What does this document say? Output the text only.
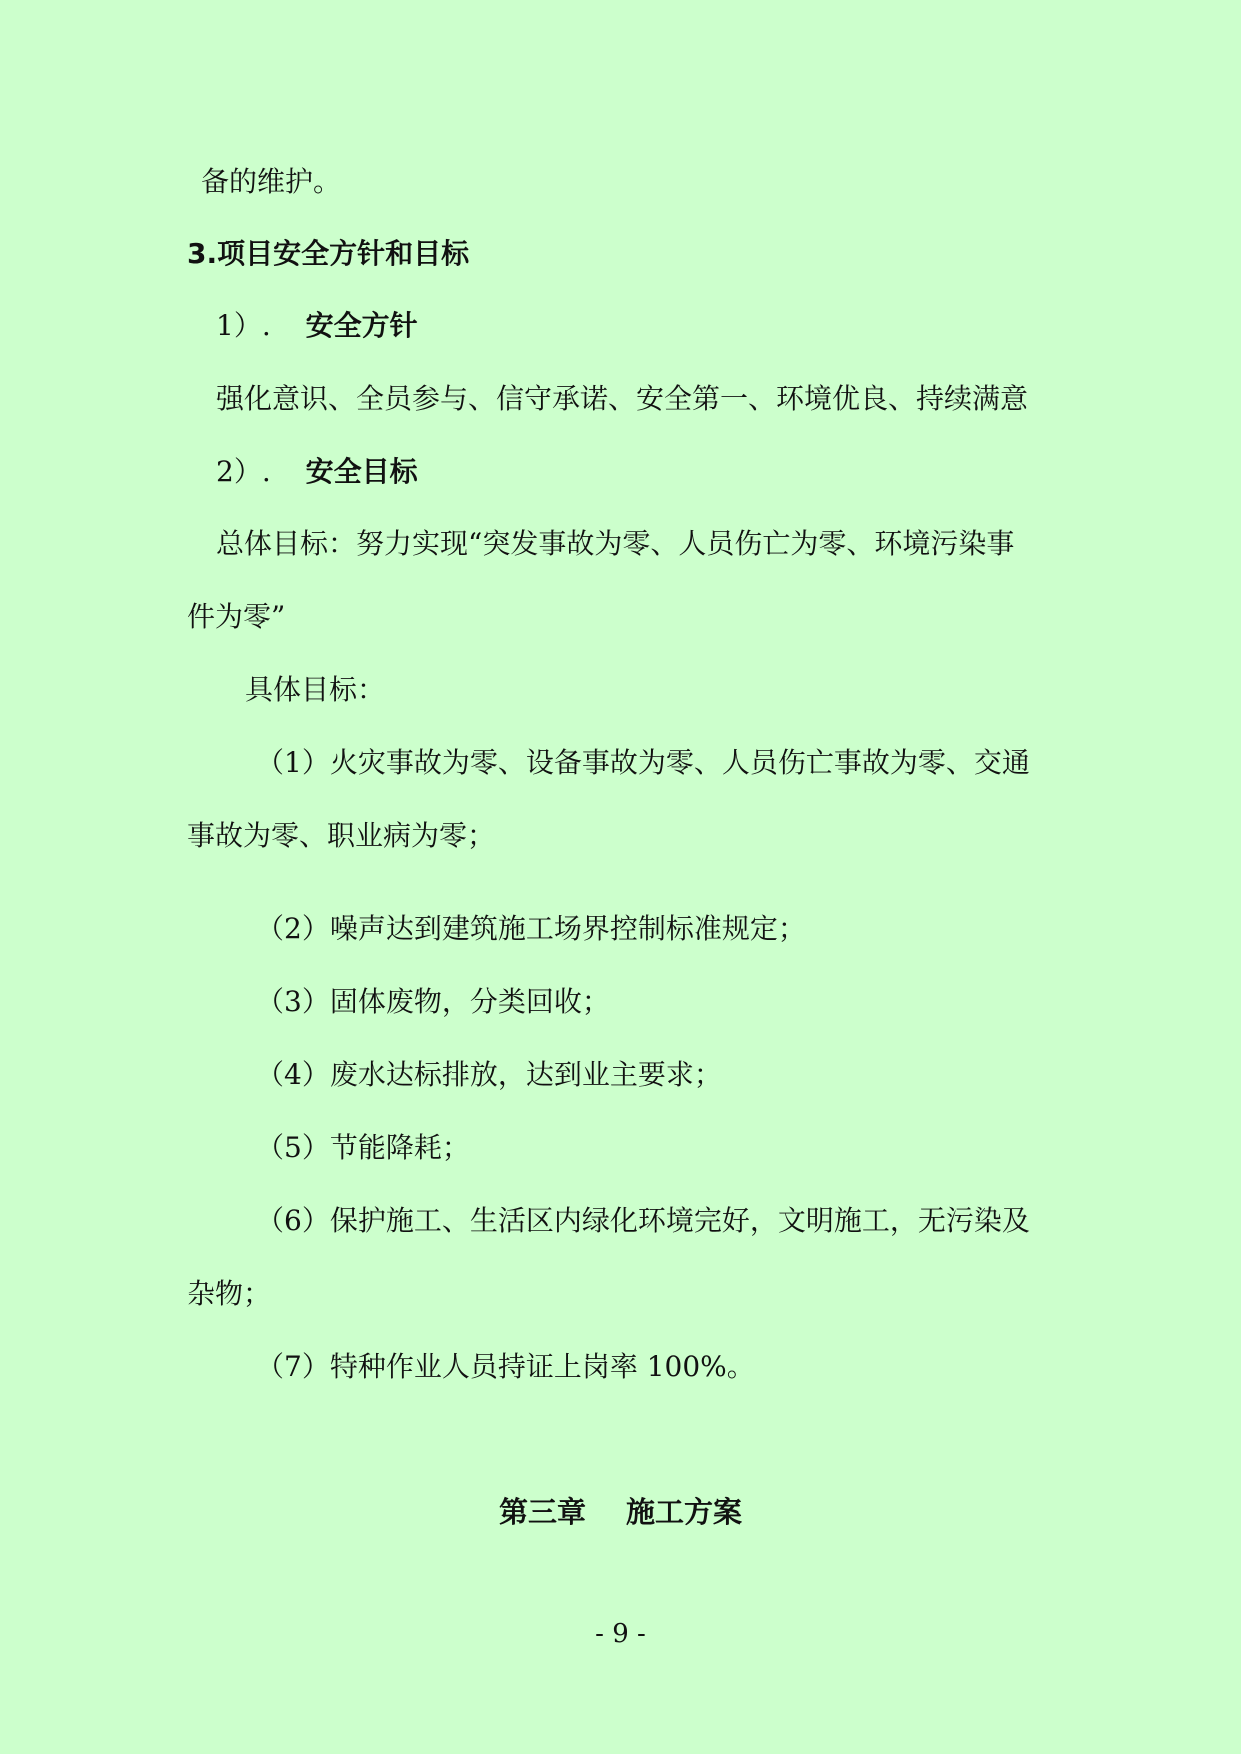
备的维护。
3.项目安全方针和目标
1）. 安全方针
强化意识、全员参与、信守承诺、安全第一、环境优良、持续满意
2）. 安全目标
总体目标：努力实现“突发事故为零、人员伤亡为零、环境污染事
件为零”
具体目标：
（1）火灾事故为零、设备事故为零、人员伤亡事故为零、交通
事故为零、职业病为零；
（2）噪声达到建筑施工场界控制标准规定；
（3）固体废物，分类回收；
（4）废水达标排放，达到业主要求；
（5）节能降耗；
（6）保护施工、生活区内绿化环境完好，文明施工，无污染及
杂物；
（7）特种作业人员持证上岗率 100%。
第三章 施工方案
- 9 -
